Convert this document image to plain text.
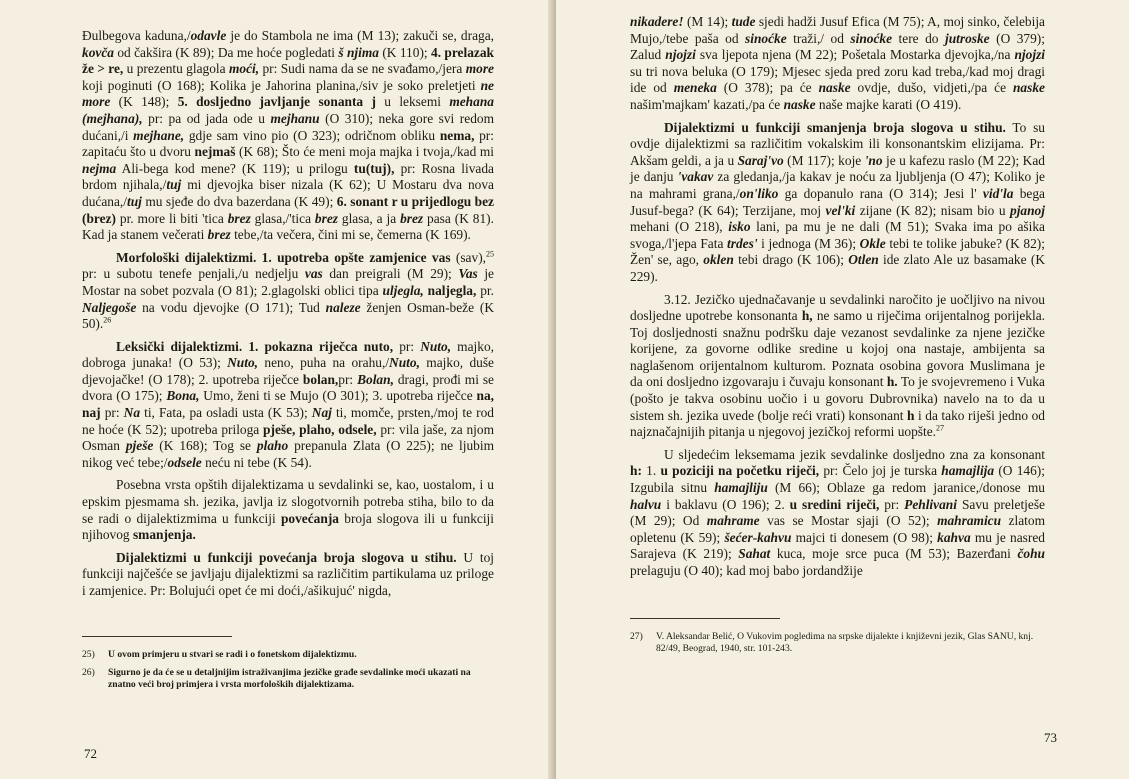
Đulbegova kaduna,/odavle je do Stambola ne ima (M 13); zakuči se, draga, kovča od čakšira (K 89); Da me hoće pogledati š njima (K 110); 4. prelazak že > re, u prezentu glagola moći, pr: Sudi nama da se ne svađamo,/jera more koji poginuti (O 168); Kolika je Jahorina planina,/siv je soko preletjeti ne more (K 148); 5. dosljedno javljanje sonanta j u leksemi mehana (mejhana), pr: pa od jada ode u mejhanu (O 310); neka gore svi redom dućani,/i mejhane, gdje sam vino pio (O 323); odričnom obliku nema, pr: zapitaću što u dvoru nejmaš (K 68); Što će meni moja majka i tvoja,/kad mi nejma Ali-bega kod mene? (K 119); u prilogu tu(tuj), pr: Rosna livada brdom njihala,/tuj mi djevojka biser nizala (K 62); U Mostaru dva nova dućana,/tuj mu sjeđe do dva bazerdana (K 49); 6. sonant r u prijedlogu bez (brez) pr. more li biti 'tica brez glasa,/'tica brez glasa, a ja brez pasa (K 81). Kad ja stanem večerati brez tebe,/ta večera, čini mi se, čemerna (K 169).

Morfološki dijalektizmi. 1. upotreba opšte zamjenice vas (sav),$^{25}$ pr: u subotu tenefe penjali,/u nedjelju vas dan preigrali (M 29); Vas je Mostar na sobet pozvala (O 81); 2.glagolski oblici tipa uljegla, naljegla, pr. Naljegoše na vodu djevojke (O 171); Tud naleze ženjen Osman-beže (K 50).$^{26}$

Leksički dijalektizmi. 1. pokazna riječca nuto, pr: Nuto, majko, dobroga junaka! (O 53); Nuto, neno, puha na orahu,/Nuto, majko, duše djevojačke! (O 178); 2. upotreba riječce bolan,pr: Bolan, dragi, prođi mi se dvora (O 175); Bona, Umo, ženi ti se Mujo (O 301); 3. upotreba riječce na, naj pr: Na ti, Fata, pa osladi usta (K 53); Naj ti, momče, prsten,/moj te rod ne hoće (K 52); upotreba priloga pješe, plaho, odsele, pr: vila jaše, za njom Osman pješe (K 168); Tog se plaho prepanula Zlata (O 225); ne ljubim nikog već tebe;/odsele neću ni tebe (K 54).

Posebna vrsta opštih dijalektizama u sevdalinki se, kao, uostalom, i u epskim pjesmama sh. jezika, javlja iz slogotvornih potreba stiha, bilo to da se radi o dijalektizmima u funkciji povećanja broja slogova ili u funkciji njihovog smanjenja.

Dijalektizmi u funkciji povećanja broja slogova u stihu. U toj funkciji najčešće se javljaju dijalektizmi sa različitim partikulama uz priloge i zamjenice. Pr: Bolujući opet će mi doći,/ašikujuć' nigda,

25)	U ovom primjeru u stvari se radi i o fonetskom dijalektizmu.
26)	Sigurno je da će se u detaljnijim istraživanjima jezičke građe sevdalinke moći ukazati na znatno veći broj primjera i vrsta morfoloških dijalektizama.
72

nikadere! (M 14); tude sjedi hadži Jusuf Efica (M 75); A, moj sinko, čelebija Mujo,/tebe paša od sinoćke traži,/ od sinoćke tere do jutroske (O 379); Zalud njojzi sva ljepota njena (M 22); Pošetala Mostarka djevojka,/na njojzi su tri nova beluka (O 179); Mjesec sjeda pred zoru kad treba,/kad moj dragi ide od meneka (O 378); pa će naske ovdje, dušo, vidjeti,/pa će naske našim'majkam' kazati,/pa će naske naše majke karati (O 419).

Dijalektizmi u funkciji smanjenja broja slogova u stihu. To su ovdje dijalektizmi sa različitim vokalskim ili konsonantskim elizijama. Pr: Akšam geldi, a ja u Saraj'vo (M 117); koje 'no je u kafezu raslo (M 22); Kad je danju 'vakav za gledanja,/ja kakav je noću za ljubljenja (O 47); Koliko je na mahrami grana,/on'liko ga dopanulo rana (O 314); Jesi l' vid'la bega Jusuf-bega? (K 64); Terzijane, moj vel'ki zijane (K 82); nisam bio u pjanoj mehani (O 218), isko lani, pa mu je ne dali (M 51); Svaka ima po ašika svoga,/l'jepa Fata trdes' i jednoga (M 36); Okle tebi te tolike jabuke? (K 82); Žen' se, ago, oklen tebi drago (K 106); Otlen ide zlato Ale uz basamake (K 229).

3.12. Jezičko ujednačavanje u sevdalinki naročito je uočljivo na nivou dosljedne upotrebe konsonanta h, ne samo u riječima orijentalnog porijekla. Toj dosljednosti snažnu podršku daje vezanost sevdalinke za njene jezičke korijene, za govorne odlike sredine u kojoj ona nastaje, ambijenta sa naglašenom orijentalnom kulturom. Poznata osobina govora Muslimana je da oni dosljedno izgovaraju i čuvaju konsonant h. To je svojevremeno i Vuka (pošto je takva osobinu uočio i u govoru Dubrovnika) navelo na to da u sistem sh. jezika uvede (bolje reći vrati) konsonant h i da tako riješi jedno od najznačajnijih pitanja u njegovoj jezičkoj reformi uopšte.$^{27}$

U sljedećim leksemama jezik sevdalinke dosljedno zna za konsonant h: 1. u poziciji na početku riječi, pr: Čelo joj je turska hamajlija (O 146); Izgubila sitnu hamajliju (M 66); Oblaze ga redom jaranice,/donose mu halvu i baklavu (O 196); 2. u sredini riječi, pr: Pehlivani Savu preletješe (M 29); Od mahrame vas se Mostar sjaji (O 52); mahramicu zlatom opletenu (K 59); šećer-kahvu majci ti donesem (O 98); kahva mu je nasred Sarajeva (K 219); Sahat kuca, moje srce puca (M 53); Bazerđani čohu prelaguju (O 40); kad moj babo jordandžije

27)	V. Aleksandar Belić, O Vukovim pogledima na srpske dijalekte i književni jezik, Glas SANU, knj. 82/49, Beograd, 1940, str. 101-243.
73
